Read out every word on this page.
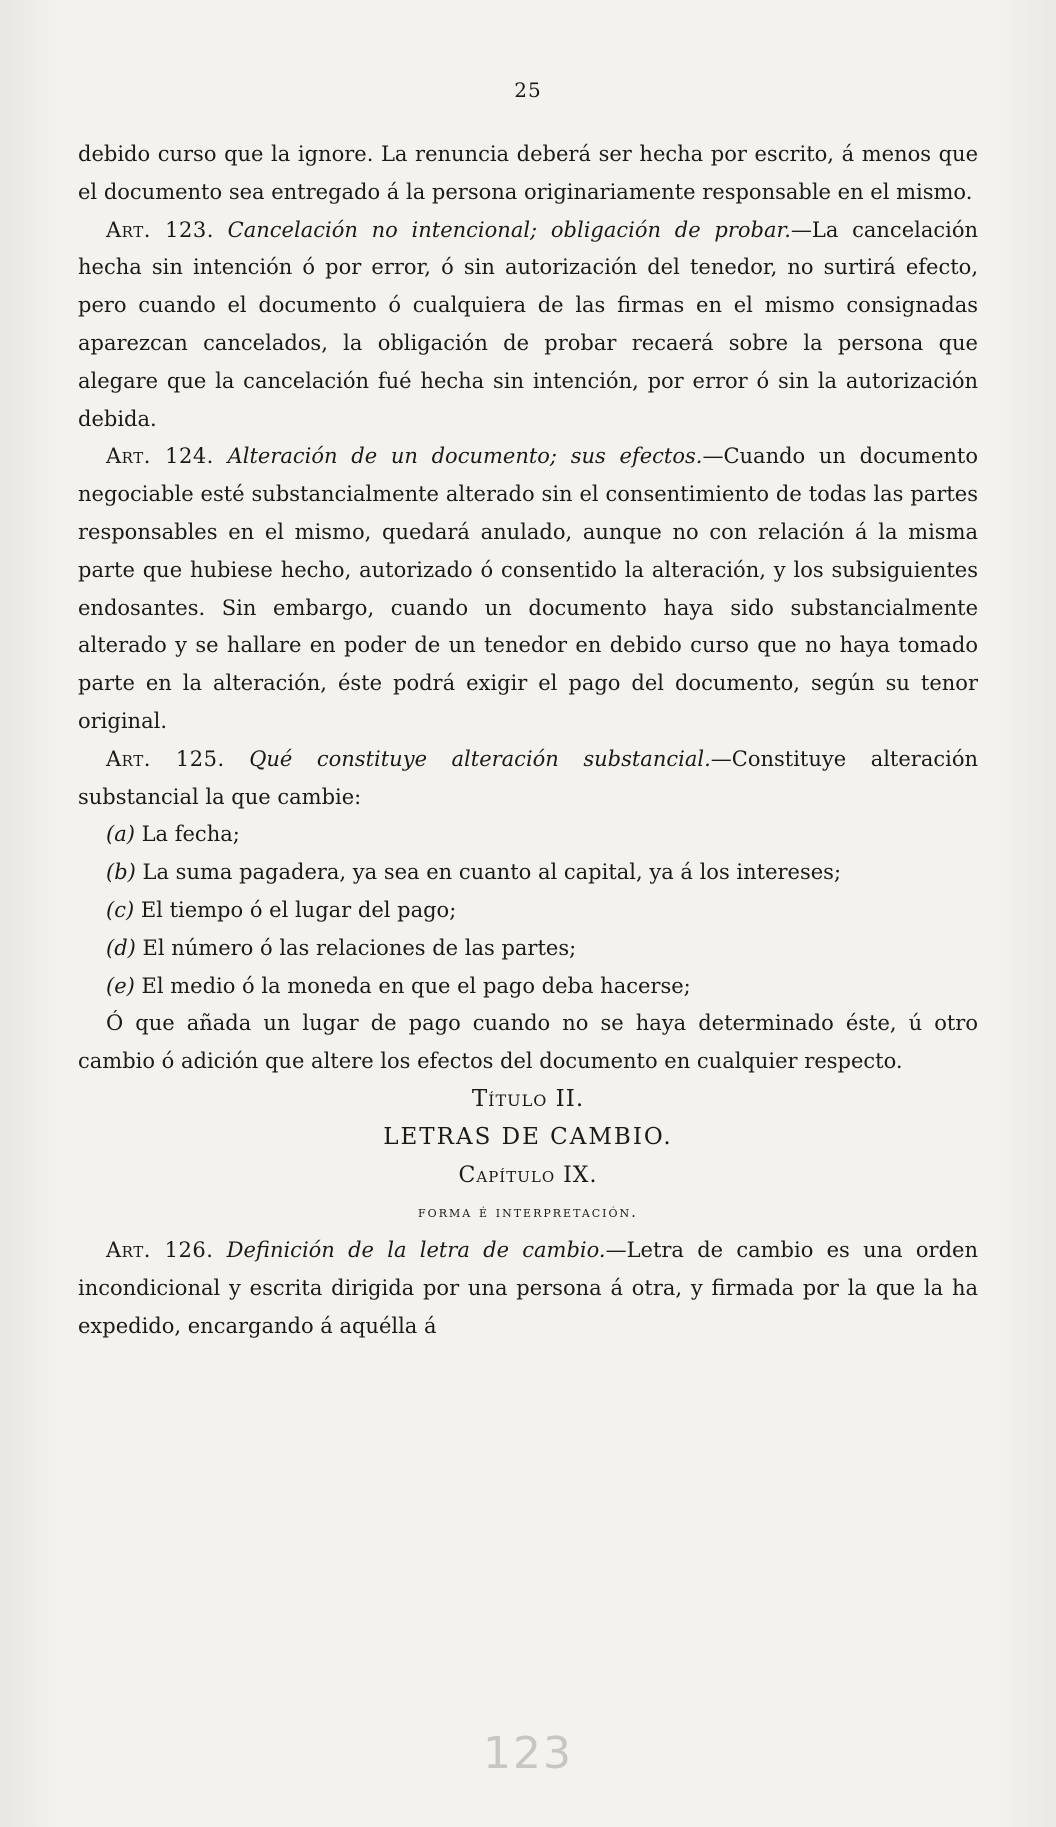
25

debido curso que la ignore. La renuncia deberá ser hecha por escrito, á menos que el documento sea entregado á la persona originariamente responsable en el mismo.

Art. 123. Cancelación no intencional; obligación de probar.—La cancelación hecha sin intención ó por error, ó sin autorización del tenedor, no surtirá efecto, pero cuando el documento ó cualquiera de las firmas en el mismo consignadas aparezcan cancelados, la obligación de probar recaerá sobre la persona que alegare que la cancelación fué hecha sin intención, por error ó sin la autorización debida.

Art. 124. Alteración de un documento; sus efectos.—Cuando un documento negociable esté substancialmente alterado sin el consentimiento de todas las partes responsables en el mismo, quedará anulado, aunque no con relación á la misma parte que hubiese hecho, autorizado ó consentido la alteración, y los subsiguientes endosantes. Sin embargo, cuando un documento haya sido substancialmente alterado y se hallare en poder de un tenedor en debido curso que no haya tomado parte en la alteración, éste podrá exigir el pago del documento, según su tenor original.

Art. 125. Qué constituye alteración substancial.—Constituye alteración substancial la que cambie:

(a) La fecha;

(b) La suma pagadera, ya sea en cuanto al capital, ya á los intereses;

(c) El tiempo ó el lugar del pago;

(d) El número ó las relaciones de las partes;

(e) El medio ó la moneda en que el pago deba hacerse;

Ó que añada un lugar de pago cuando no se haya determinado éste, ú otro cambio ó adición que altere los efectos del documento en cualquier respecto.

Título II.

LETRAS DE CAMBIO.

Capítulo IX.

forma é interpretación.

Art. 126. Definición de la letra de cambio.—Letra de cambio es una orden incondicional y escrita dirigida por una persona á otra, y firmada por la que la ha expedido, encargando á aquélla á

123
